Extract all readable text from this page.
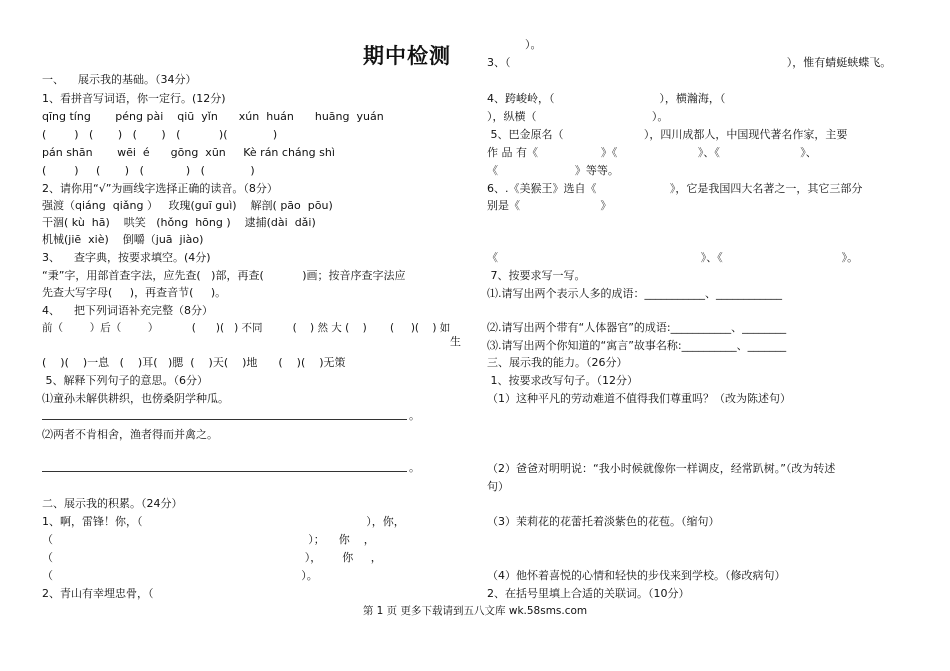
期中检测
一、    展示我的基础。（34分）
1、看拼音写词语，你一定行。(12分)
qīng tíng       péng pài    qiū  yǐn      xún  huán      huāng  yuán
(        )   (       )   (       )   (           )(             )
pán shān       wēi  é      gōng  xūn     Kè rán cháng shì
(        )     (       )   (            )   (             )
2、请你用“√”为画线字选择正确的读音。（8分）
强渡（qiáng  qiǎng ）   玫瑰(guī guì)    解剖( pāo  pōu)
干涸( kù  hā)    哄笑   (hǒng  hōng )    逮捕(dài  dǎi)
机械(jiē  xiè)    倒嚼（juā  jiào)
3、    查字典，按要求填空。(4分)
“秉”字，用部首查字法，应先查(   )部，再查(           )画；按音序查字法应
先查大写字母(     )，再查音节(     )。
4、    把下列词语补充完整（8分）
前（        ）后（        ）          (      )(   ) 不同         (    ) 然 大 (    )       (     )(    ) 如
生
(    )(    )一息   (    )耳(   )腮  (    )天(    )地      (    )(    )无策
5、解释下列句子的意思。（6分）
⑴童孙未解供耕织，也傍桑阴学种瓜。
。
⑵两者不肯相舍，渔者得而并禽之。
。
二、展示我的积累。（24分）
1、啊，雷锋！你，（                                                                ），你，
（                                                                         ）；    你    ，
（                                                                        ），      你     ，
（                                                                       ）。
2、青山有幸埋忠骨，（
）。
3、（                                                                               ），惟有蜻蜓蛱蝶飞。
4、跨峻岭，（                              ），横瀚海，（
），纵横（                                 ）。
5、巴金原名（                       ），四川成都人，中国现代著名作家，主要
作 品 有《                  》《                       》、《                       》、
《                      》等等。
6、.《美猴王》选自《                     》，它是我国四大名著之一，其它三部分
别是《                       》
《                                                          》、《                                  》。
7、按要求写一写。
⑴.请写出两个表示人多的成语：___________、____________
⑵.请写出两个带有“人体器官”的成语:___________、________
⑶.请写出两个你知道的“寓言”故事名称:__________、_______
三、展示我的能力。（26分）
1、按要求改写句子。（12分）
（1）这种平凡的劳动难道不值得我们尊重吗？（改为陈述句）
（2）爸爸对明明说：“我小时候就像你一样调皮，经常趴树。”（改为转述
句）
（3）茉莉花的花蕾托着淡紫色的花苞。（缩句）
（4）他怀着喜悦的心情和轻快的步伐来到学校。（修改病句）
2、在括号里填上合适的关联词。（10分）
第 1 页 更多下载请到五八文库 wk.58sms.com
